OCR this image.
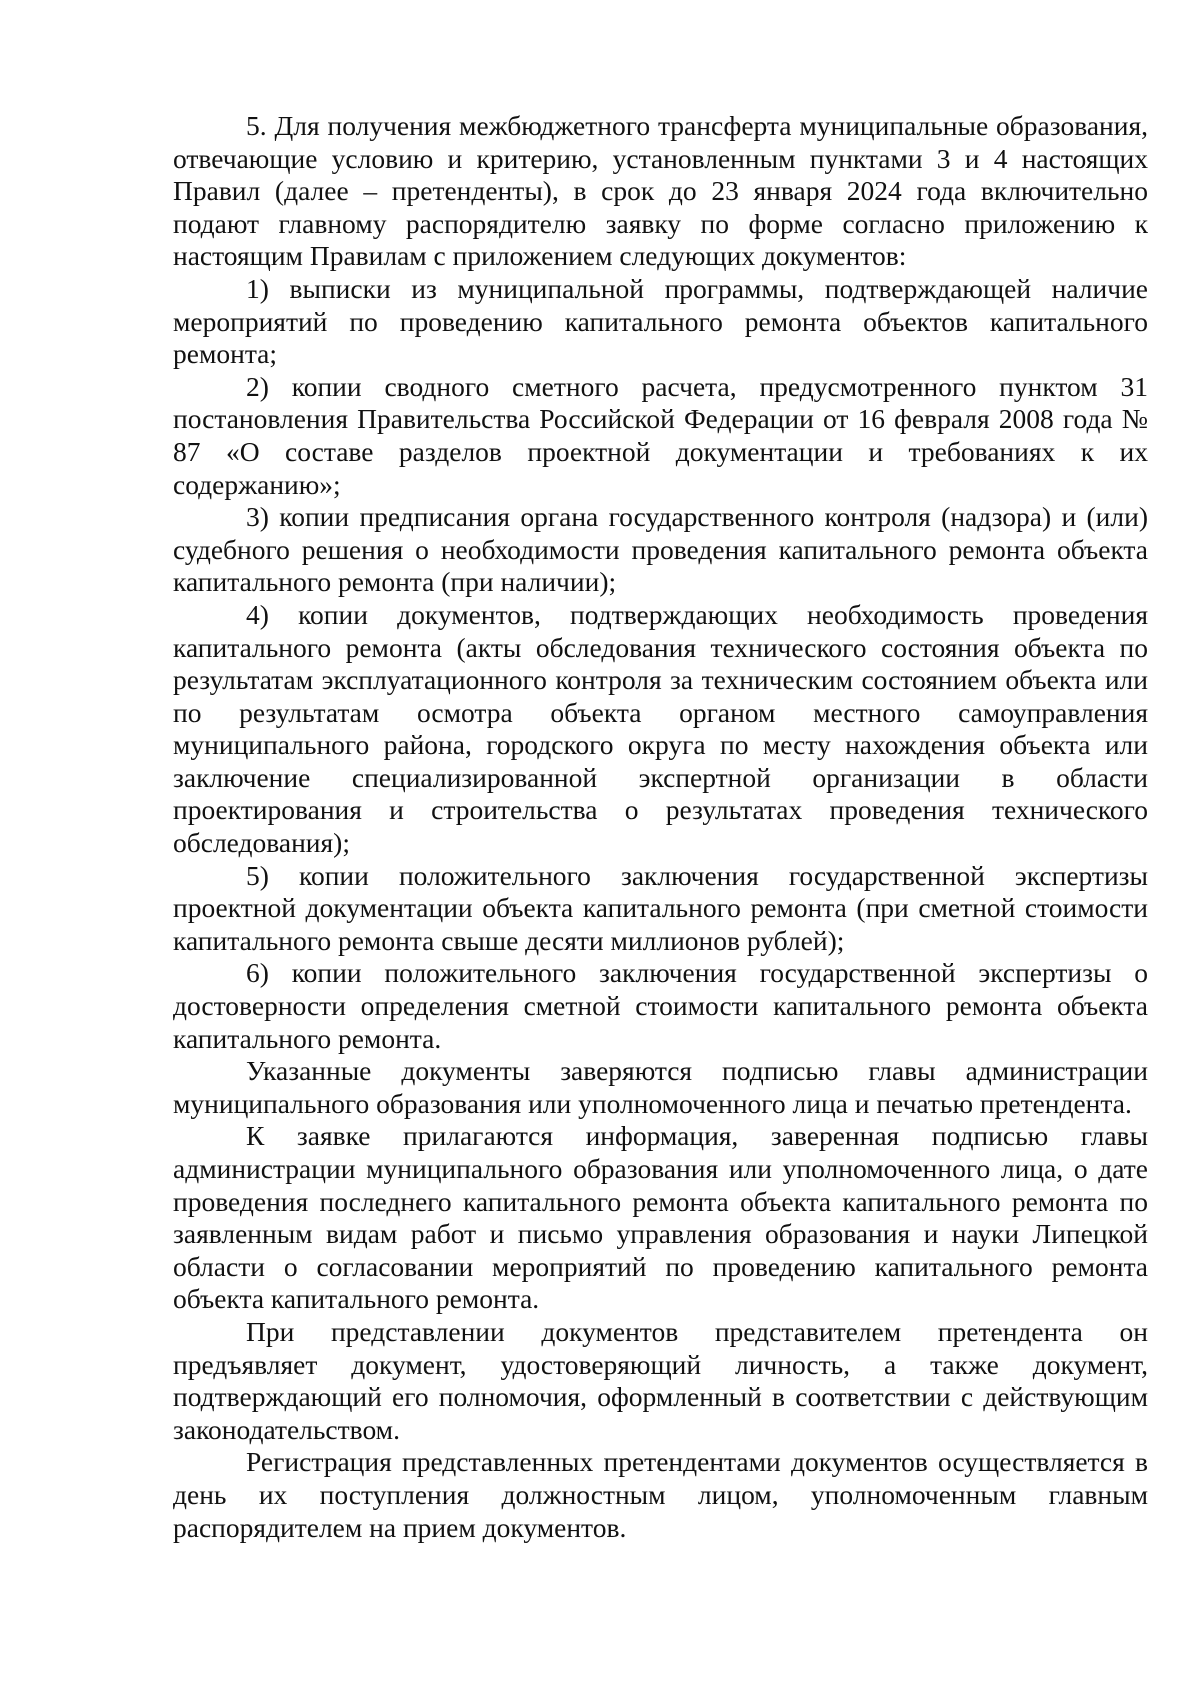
5. Для получения межбюджетного трансферта муниципальные образования, отвечающие условию и критерию, установленным пунктами 3 и 4 настоящих Правил (далее – претенденты), в срок до 23 января 2024 года включительно подают главному распорядителю заявку по форме согласно приложению к настоящим Правилам с приложением следующих документов:

1) выписки из муниципальной программы, подтверждающей наличие мероприятий по проведению капитального ремонта объектов капитального ремонта;

2) копии сводного сметного расчета, предусмотренного пунктом 31 постановления Правительства Российской Федерации от 16 февраля 2008 года № 87 «О составе разделов проектной документации и требованиях к их содержанию»;

3) копии предписания органа государственного контроля (надзора) и (или) судебного решения о необходимости проведения капитального ремонта объекта капитального ремонта (при наличии);

4) копии документов, подтверждающих необходимость проведения капитального ремонта (акты обследования технического состояния объекта по результатам эксплуатационного контроля за техническим состоянием объекта или по результатам осмотра объекта органом местного самоуправления муниципального района, городского округа по месту нахождения объекта или заключение специализированной экспертной организации в области проектирования и строительства о результатах проведения технического обследования);

5) копии положительного заключения государственной экспертизы проектной документации объекта капитального ремонта (при сметной стоимости капитального ремонта свыше десяти миллионов рублей);

6) копии положительного заключения государственной экспертизы о достоверности определения сметной стоимости капитального ремонта объекта капитального ремонта.

Указанные документы заверяются подписью главы администрации муниципального образования или уполномоченного лица и печатью претендента.

К заявке прилагаются информация, заверенная подписью главы администрации муниципального образования или уполномоченного лица, о дате проведения последнего капитального ремонта объекта капитального ремонта по заявленным видам работ и письмо управления образования и науки Липецкой области о согласовании мероприятий по проведению капитального ремонта объекта капитального ремонта.

При представлении документов представителем претендента он предъявляет документ, удостоверяющий личность, а также документ, подтверждающий его полномочия, оформленный в соответствии с действующим законодательством.

Регистрация представленных претендентами документов осуществляется в день их поступления должностным лицом, уполномоченным главным распорядителем на прием документов.
